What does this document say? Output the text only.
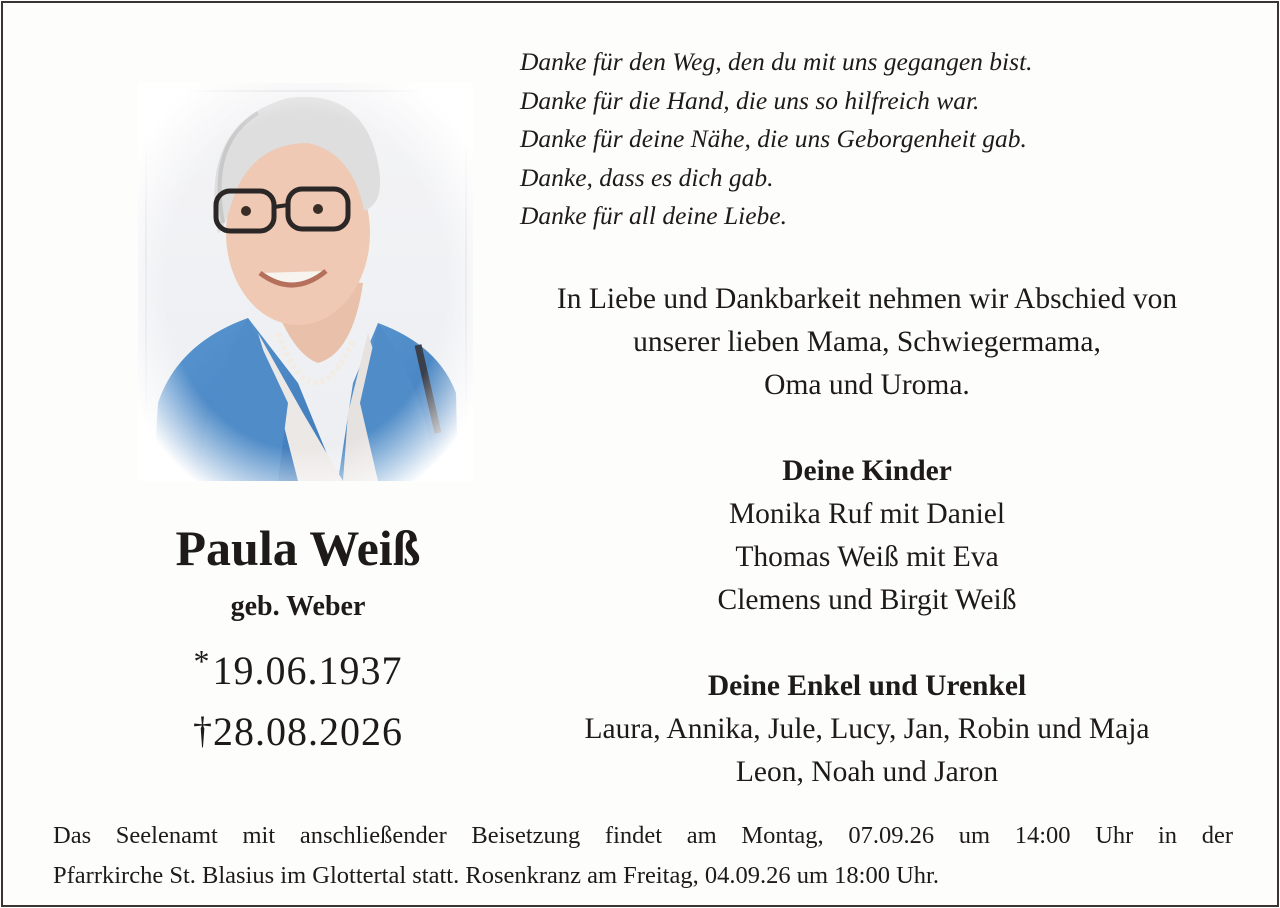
Paula Weiß
geb. Weber
*19.06.1937
†28.08.2026
Danke für den Weg, den du mit uns gegangen bist.
Danke für die Hand, die uns so hilfreich war.
Danke für deine Nähe, die uns Geborgenheit gab.
Danke, dass es dich gab.
Danke für all deine Liebe.
In Liebe und Dankbarkeit nehmen wir Abschied von
unserer lieben Mama, Schwiegermama,
Oma und Uroma.
Deine Kinder
Monika Ruf mit Daniel
Thomas Weiß mit Eva
Clemens und Birgit Weiß
Deine Enkel und Urenkel
Laura, Annika, Jule, Lucy, Jan, Robin und Maja
Leon, Noah und Jaron
Das Seelenamt mit anschließender Beisetzung findet am Montag, 07.09.26 um 14:00 Uhr in der
Pfarrkirche St. Blasius im Glottertal statt. Rosenkranz am Freitag, 04.09.26 um 18:00 Uhr.
